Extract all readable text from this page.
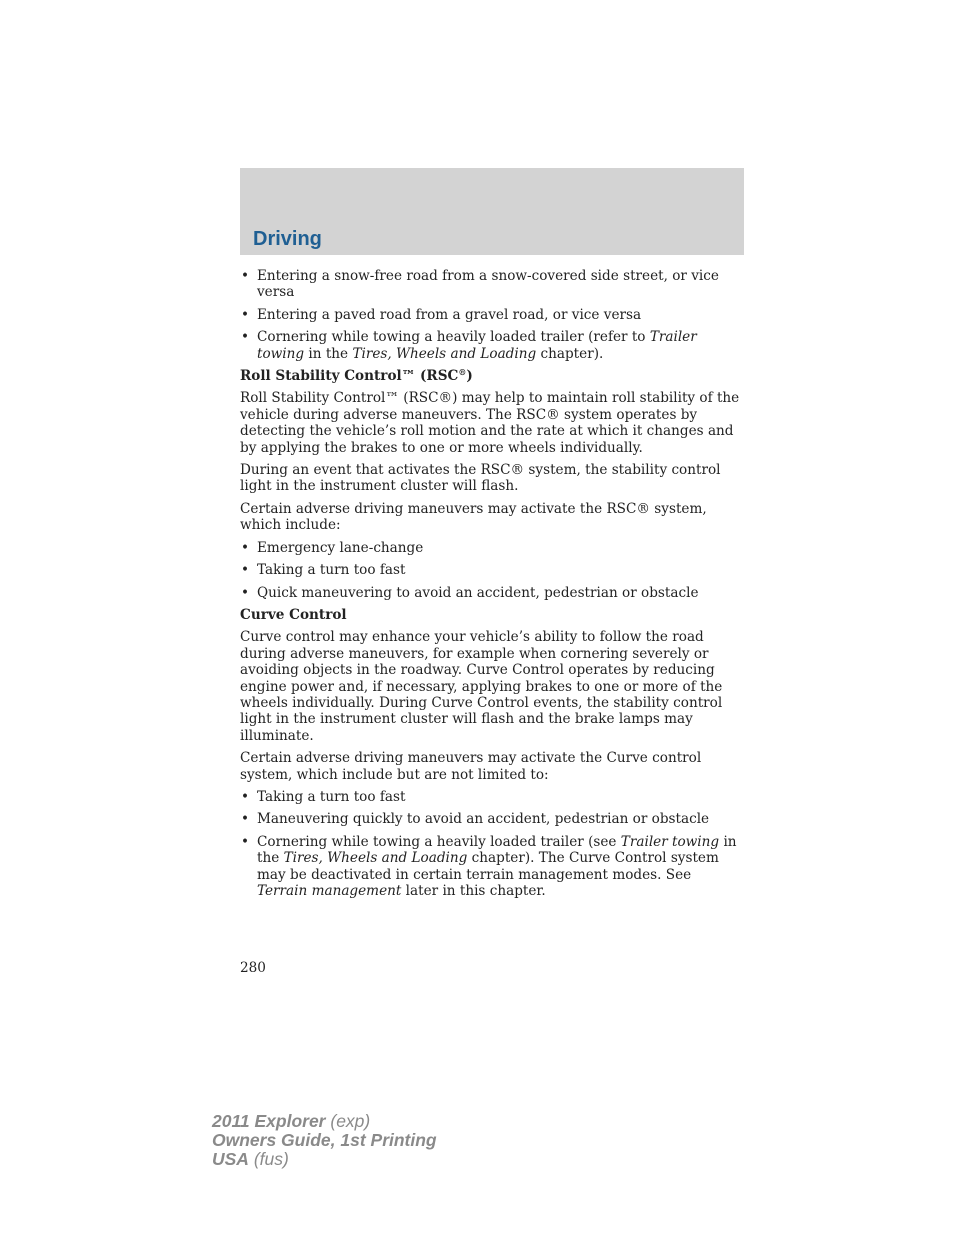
Driving
• Entering a snow-free road from a snow-covered side street, or vice versa
• Entering a paved road from a gravel road, or vice versa
• Cornering while towing a heavily loaded trailer (refer to Trailer towing in the Tires, Wheels and Loading chapter).
Roll Stability Control™ (RSC®)
Roll Stability Control™ (RSC®) may help to maintain roll stability of the vehicle during adverse maneuvers. The RSC® system operates by detecting the vehicle’s roll motion and the rate at which it changes and by applying the brakes to one or more wheels individually.
During an event that activates the RSC® system, the stability control light in the instrument cluster will flash.
Certain adverse driving maneuvers may activate the RSC® system, which include:
• Emergency lane-change
• Taking a turn too fast
• Quick maneuvering to avoid an accident, pedestrian or obstacle
Curve Control
Curve control may enhance your vehicle’s ability to follow the road during adverse maneuvers, for example when cornering severely or avoiding objects in the roadway. Curve Control operates by reducing engine power and, if necessary, applying brakes to one or more of the wheels individually. During Curve Control events, the stability control light in the instrument cluster will flash and the brake lamps may illuminate.
Certain adverse driving maneuvers may activate the Curve control system, which include but are not limited to:
• Taking a turn too fast
• Maneuvering quickly to avoid an accident, pedestrian or obstacle
• Cornering while towing a heavily loaded trailer (see Trailer towing in the Tires, Wheels and Loading chapter). The Curve Control system may be deactivated in certain terrain management modes. See Terrain management later in this chapter.
280
2011 Explorer (exp)
Owners Guide, 1st Printing
USA (fus)
